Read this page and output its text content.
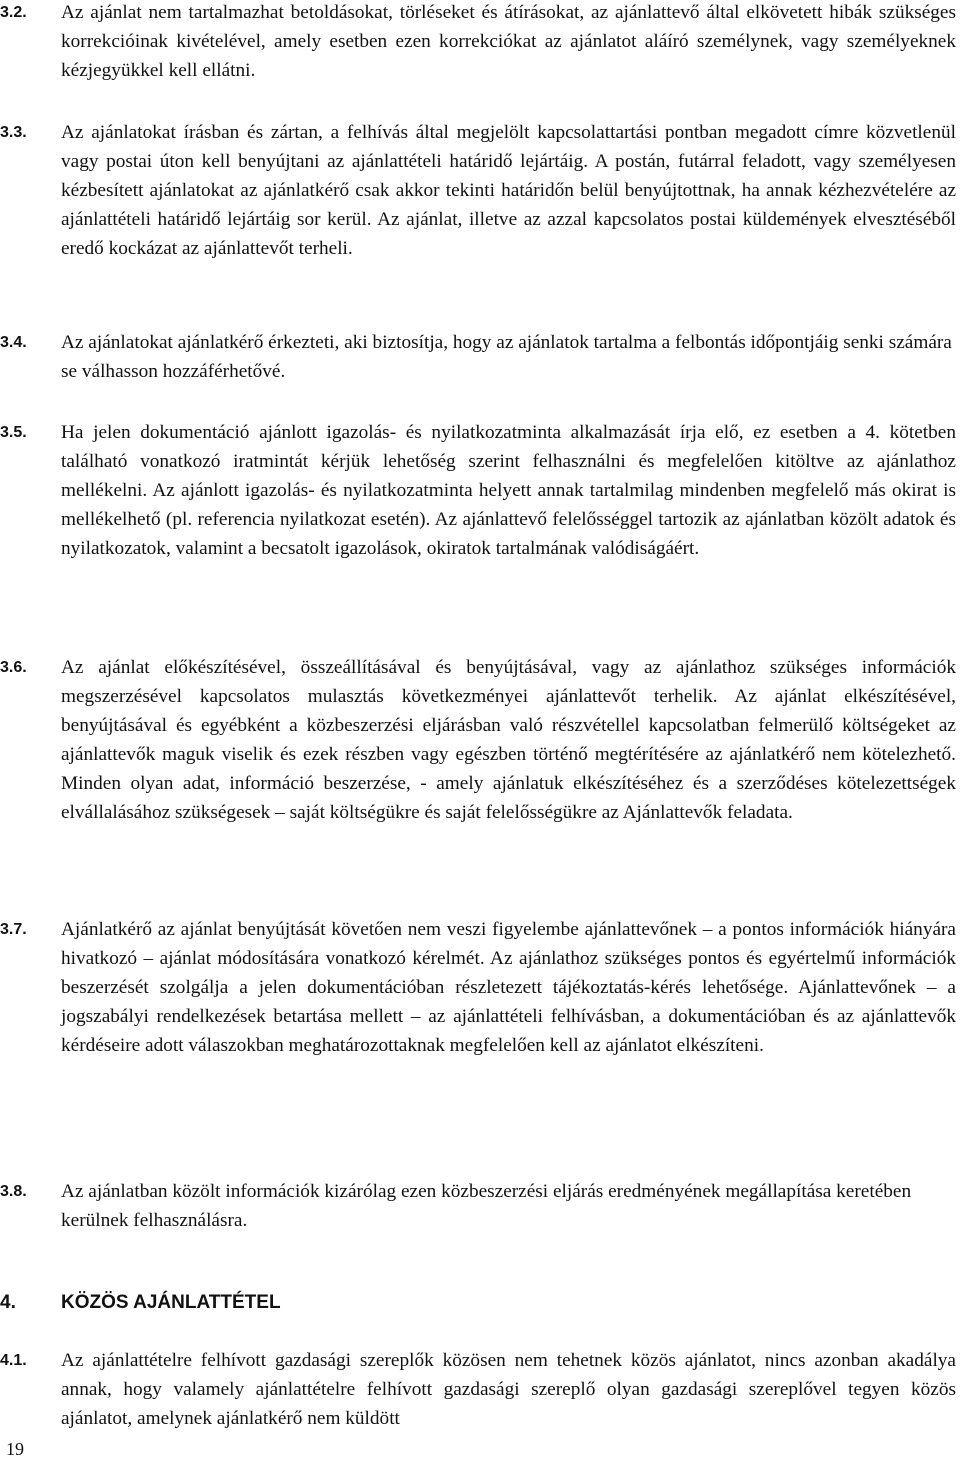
3.2. Az ajánlat nem tartalmazhat betoldásokat, törléseket és átírásokat, az ajánlattevő által elkövetett hibák szükséges korrekcióinak kivételével, amely esetben ezen korrekciókat az ajánlatot aláíró személynek, vagy személyeknek kézjegyükkel kell ellátni.

3.3. Az ajánlatokat írásban és zártan, a felhívás által megjelölt kapcsolattartási pontban megadott címre közvetlenül vagy postai úton kell benyújtani az ajánlattételi határidő lejártáig. A postán, futárral feladott, vagy személyesen kézbesített ajánlatokat az ajánlatkérő csak akkor tekinti határidőn belül benyújtottnak, ha annak kézhezvételére az ajánlattételi határidő lejártáig sor kerül. Az ajánlat, illetve az azzal kapcsolatos postai küldemények elvesztéséből eredő kockázat az ajánlattevőt terheli.

3.4. Az ajánlatokat ajánlatkérő érkezteti, aki biztosítja, hogy az ajánlatok tartalma a felbontás időpontjáig senki számára se válhasson hozzáférhetővé.

3.5. Ha jelen dokumentáció ajánlott igazolás- és nyilatkozatminta alkalmazását írja elő, ez esetben a 4. kötetben található vonatkozó iratmintát kérjük lehetőség szerint felhasználni és megfelelően kitöltve az ajánlathoz mellékelni. Az ajánlott igazolás- és nyilatkozatminta helyett annak tartalmilag mindenben megfelelő más okirat is mellékelhető (pl. referencia nyilatkozat esetén). Az ajánlattevő felelősséggel tartozik az ajánlatban közölt adatok és nyilatkozatok, valamint a becsatolt igazolások, okiratok tartalmának valódiságáért.

3.6. Az ajánlat előkészítésével, összeállításával és benyújtásával, vagy az ajánlathoz szükséges információk megszerzésével kapcsolatos mulasztás következményei ajánlattevőt terhelik. Az ajánlat elkészítésével, benyújtásával és egyébként a közbeszerzési eljárásban való részvétellel kapcsolatban felmerülő költségeket az ajánlattevők maguk viselik és ezek részben vagy egészben történő megtérítésére az ajánlatkérő nem kötelezhető. Minden olyan adat, információ beszerzése, - amely ajánlatuk elkészítéséhez és a szerződéses kötelezettségek elvállalásához szükségesek – saját költségükre és saját felelősségükre az Ajánlattevők feladata.

3.7. Ajánlatkérő az ajánlat benyújtását követően nem veszi figyelembe ajánlattevőnek – a pontos információk hiányára hivatkozó – ajánlat módosítására vonatkozó kérelmét. Az ajánlathoz szükséges pontos és egyértelmű információk beszerzését szolgálja a jelen dokumentációban részletezett tájékoztatás-kérés lehetősége. Ajánlattevőnek – a jogszabályi rendelkezések betartása mellett – az ajánlattételi felhívásban, a dokumentációban és az ajánlattevők kérdéseire adott válaszokban meghatározottaknak megfelelően kell az ajánlatot elkészíteni.

3.8. Az ajánlatban közölt információk kizárólag ezen közbeszerzési eljárás eredményének megállapítása keretében kerülnek felhasználásra.

4. KÖZÖS AJÁNLATTÉTEL
4.1. Az ajánlattételre felhívott gazdasági szereplők közösen nem tehetnek közös ajánlatot, nincs azonban akadálya annak, hogy valamely ajánlattételre felhívott gazdasági szereplő olyan gazdasági szereplővel tegyen közös ajánlatot, amelynek ajánlatkérő nem küldött

19
